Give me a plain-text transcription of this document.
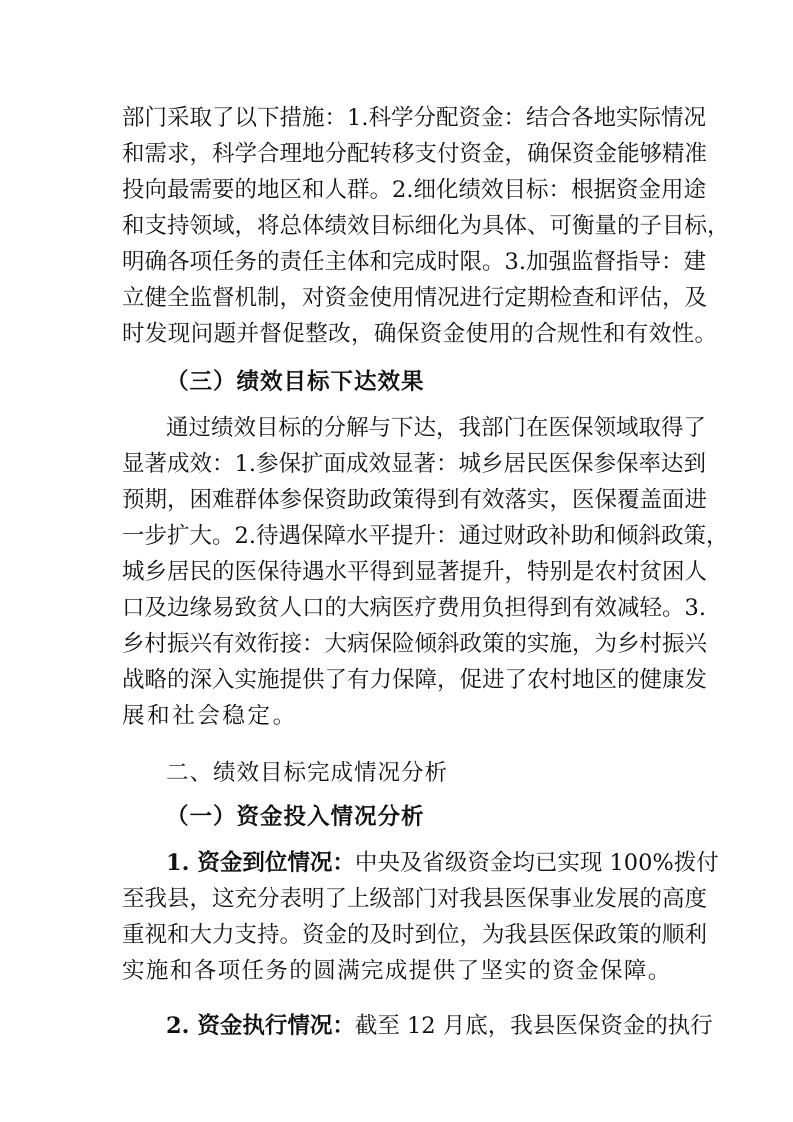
部门采取了以下措施：1.科学分配资金：结合各地实际情况
和需求，科学合理地分配转移支付资金，确保资金能够精准
投向最需要的地区和人群。2.细化绩效目标：根据资金用途
和支持领域，将总体绩效目标细化为具体、可衡量的子目标，
明确各项任务的责任主体和完成时限。3.加强监督指导：建
立健全监督机制，对资金使用情况进行定期检查和评估，及
时发现问题并督促整改，确保资金使用的合规性和有效性。
（三）绩效目标下达效果
通过绩效目标的分解与下达，我部门在医保领域取得了
显著成效：1.参保扩面成效显著：城乡居民医保参保率达到
预期，困难群体参保资助政策得到有效落实，医保覆盖面进
一步扩大。2.待遇保障水平提升：通过财政补助和倾斜政策，
城乡居民的医保待遇水平得到显著提升，特别是农村贫困人
口及边缘易致贫人口的大病医疗费用负担得到有效减轻。3.
乡村振兴有效衔接：大病保险倾斜政策的实施，为乡村振兴
战略的深入实施提供了有力保障，促进了农村地区的健康发
展和社会稳定。
二、绩效目标完成情况分析
（一）资金投入情况分析
1. 资金到位情况：中央及省级资金均已实现 100%拨付
至我县，这充分表明了上级部门对我县医保事业发展的高度
重视和大力支持。资金的及时到位，为我县医保政策的顺利
实施和各项任务的圆满完成提供了坚实的资金保障。
2. 资金执行情况：截至 12 月底，我县医保资金的执行
